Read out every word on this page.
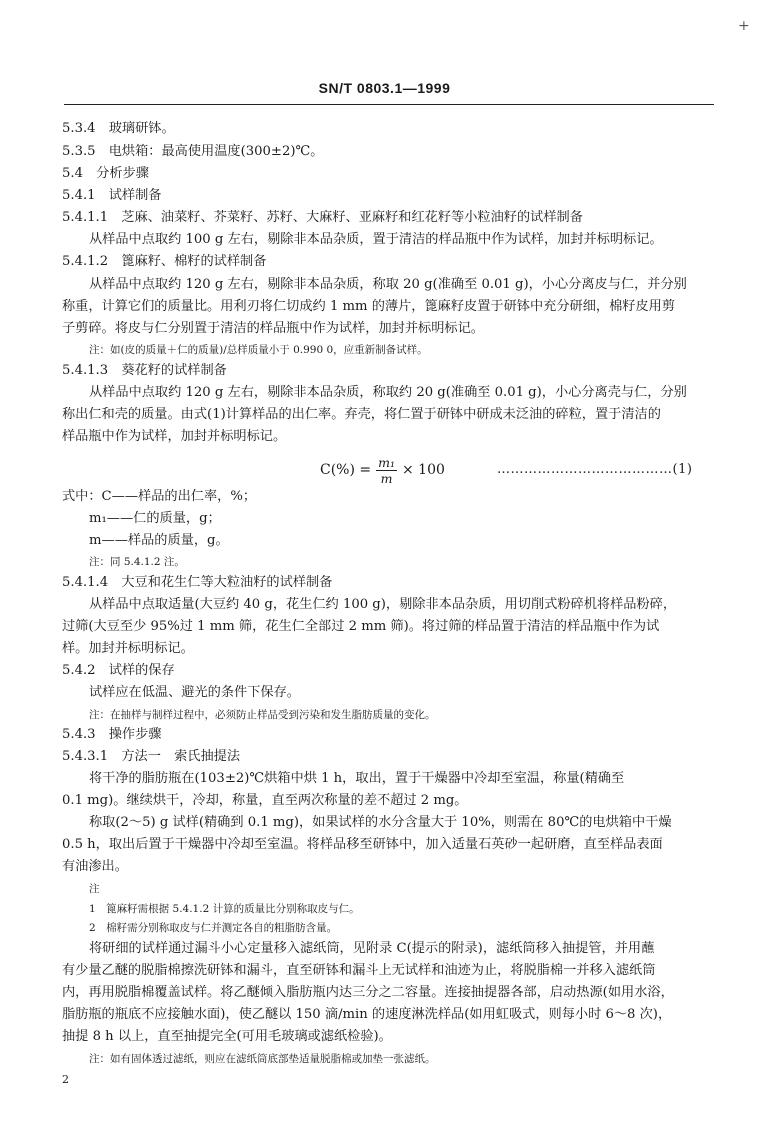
+
SN/T 0803.1—1999
5.3.4　玻璃研钵。
5.3.5　电烘箱：最高使用温度(300±2)℃。
5.4　分析步骤
5.4.1　试样制备
5.4.1.1　芝麻、油菜籽、芥菜籽、苏籽、大麻籽、亚麻籽和红花籽等小粒油籽的试样制备
从样品中点取约 100 g 左右，剔除非本品杂质，置于清洁的样品瓶中作为试样，加封并标明标记。
5.4.1.2　篦麻籽、棉籽的试样制备
从样品中点取约 120 g 左右，剔除非本品杂质，称取 20 g(准确至 0.01 g)，小心分离皮与仁，并分别
称重，计算它们的质量比。用利刃将仁切成约 1 mm 的薄片，篦麻籽皮置于研钵中充分研细，棉籽皮用剪
子剪碎。将皮与仁分别置于清洁的样品瓶中作为试样，加封并标明标记。
注：如(皮的质量＋仁的质量)/总样质量小于 0.990 0，应重新制备试样。
5.4.1.3　葵花籽的试样制备
从样品中点取约 120 g 左右，剔除非本品杂质，称取约 20 g(准确至 0.01 g)，小心分离壳与仁，分别
称出仁和壳的质量。由式(1)计算样品的出仁率。弃壳，将仁置于研钵中研成未泛油的碎粒，置于清洁的
样品瓶中作为试样，加封并标明标记。
$C(\%) = \frac{\text{m₁}}{m} \times 100$	…………………………………(1)
式中：C——样品的出仁率，%；
m₁——仁的质量，g；
m——样品的质量，g。
注：同 5.4.1.2 注。
5.4.1.4　大豆和花生仁等大粒油籽的试样制备
从样品中点取适量(大豆约 40 g，花生仁约 100 g)，剔除非本品杂质，用切削式粉碎机将样品粉碎，
过筛(大豆至少 95%过 1 mm 筛，花生仁全部过 2 mm 筛)。将过筛的样品置于清洁的样品瓶中作为试
样。加封并标明标记。
5.4.2　试样的保存
试样应在低温、避光的条件下保存。
注：在抽样与制样过程中，必须防止样品受到污染和发生脂肪质量的变化。
5.4.3　操作步骤
5.4.3.1　方法一　索氏抽提法
将干净的脂肪瓶在(103±2)℃烘箱中烘 1 h，取出，置于干燥器中冷却至室温，称量(精确至
0.1 mg)。继续烘干，冷却，称量，直至两次称量的差不超过 2 mg。
称取(2～5) g 试样(精确到 0.1 mg)，如果试样的水分含量大于 10%，则需在 80℃的电烘箱中干燥
0.5 h，取出后置于干燥器中冷却至室温。将样品移至研钵中，加入适量石英砂一起研磨，直至样品表面
有油渗出。
注
1　篦麻籽需根据 5.4.1.2 计算的质量比分别称取皮与仁。
2　棉籽需分别称取皮与仁并测定各自的粗脂肪含量。
将研细的试样通过漏斗小心定量移入滤纸筒，见附录 C(提示的附录)，滤纸筒移入抽提管，并用蘸
有少量乙醚的脱脂棉擦洗研钵和漏斗，直至研钵和漏斗上无试样和油迹为止，将脱脂棉一并移入滤纸筒
内，再用脱脂棉覆盖试样。将乙醚倾入脂肪瓶内达三分之二容量。连接抽提器各部，启动热源(如用水浴，
脂肪瓶的瓶底不应接触水面)，使乙醚以 150 滴/min 的速度淋洗样品(如用虹吸式，则每小时 6～8 次)，
抽提 8 h 以上，直至抽提完全(可用毛玻璃或滤纸检验)。
注：如有固体透过滤纸，则应在滤纸筒底部垫适量脱脂棉或加垫一张滤纸。
2
